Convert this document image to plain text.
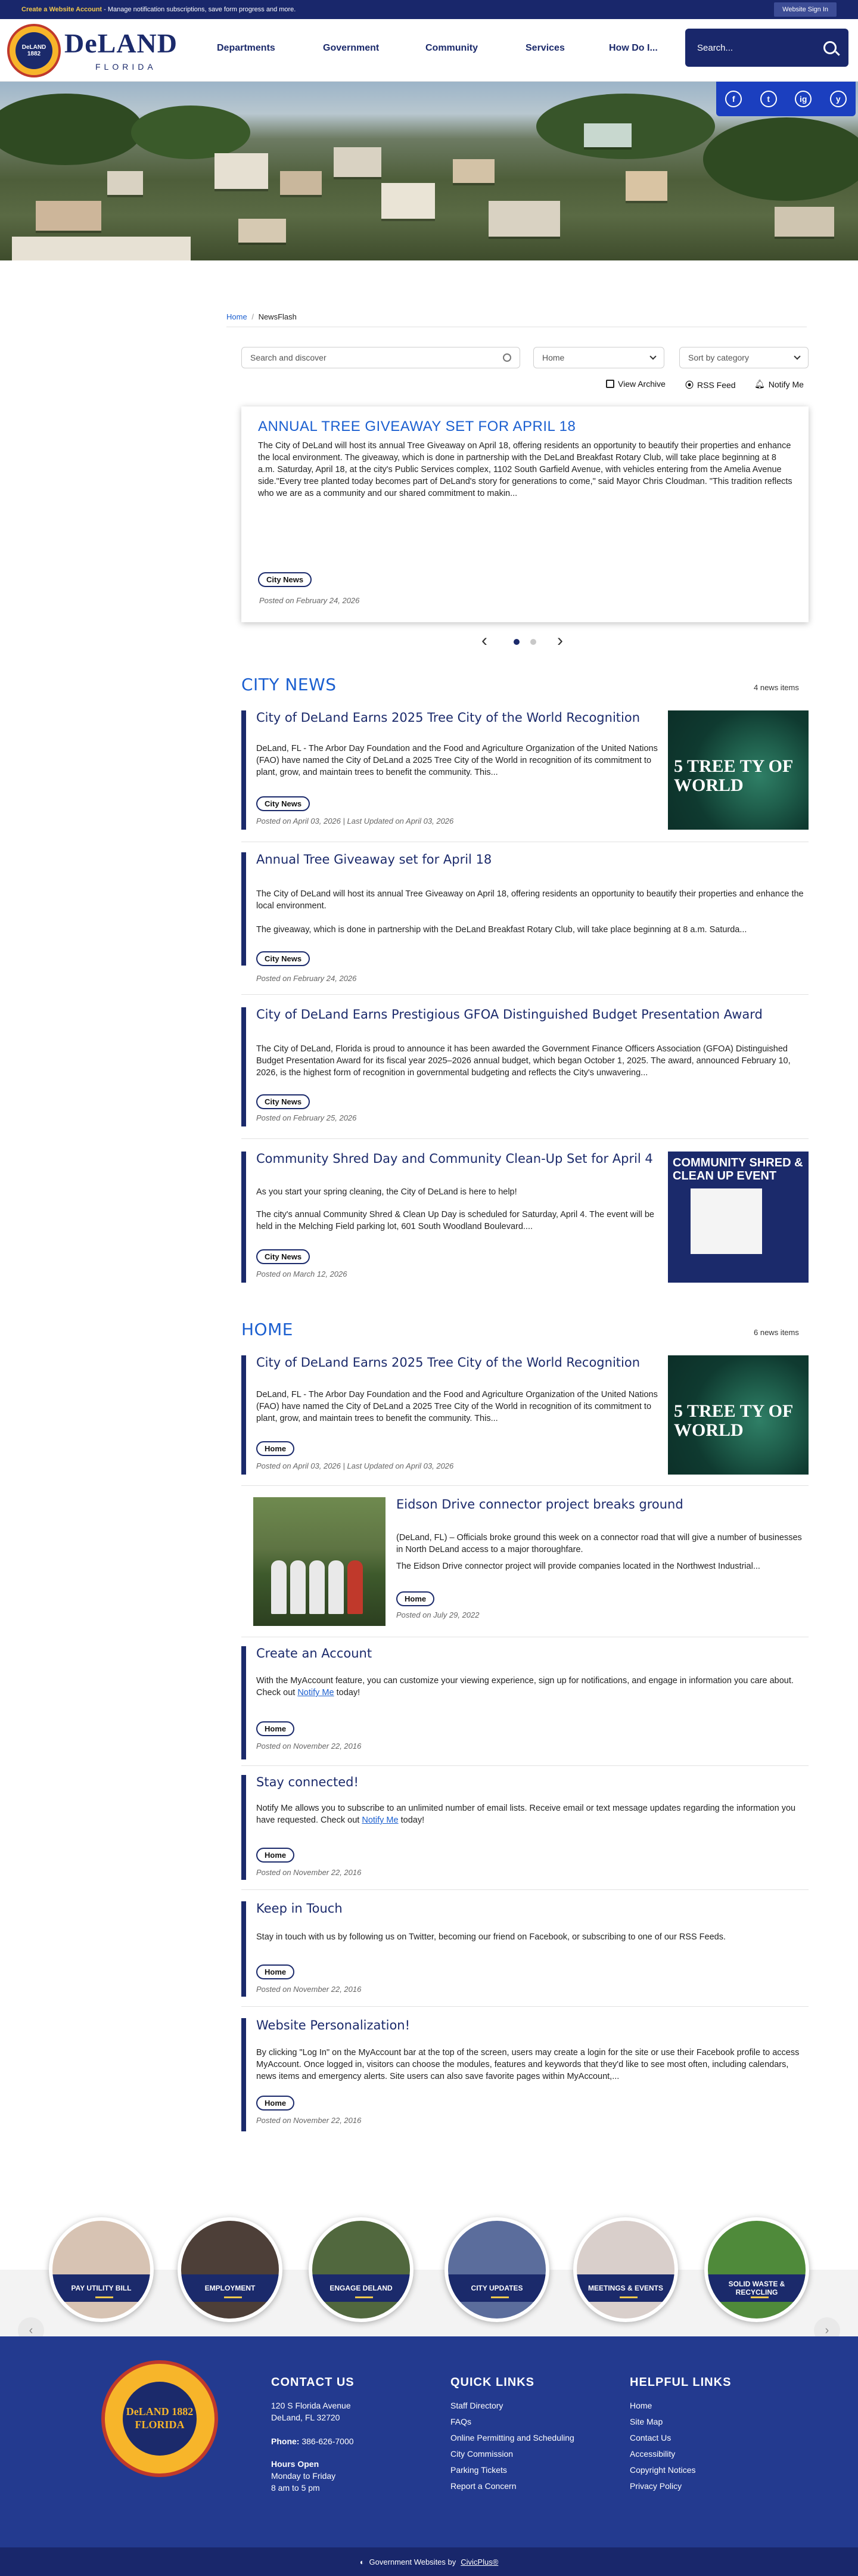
Create a Website Account - Manage notification subscriptions, save form progress and more.	Website Sign In
DeLAND 1882 DeLAND
FLORIDA
Departments	Government	Community	Services	How Do I...	Search...
f	t	ig	y
Home / NewsFlash
Search and discover	Home	Sort by category
View Archive ⦿ RSS Feed 🔔︎ Notify Me
ANNUAL TREE GIVEAWAY SET FOR APRIL 18

The City of DeLand will host its annual Tree Giveaway on April 18, offering residents an opportunity to beautify their properties and enhance the local environment. The giveaway, which is done in partnership with the DeLand Breakfast Rotary Club, will take place beginning at 8 a.m. Saturday, April 18, at the city's Public Services complex, 1102 South Garfield Avenue, with vehicles entering from the Amelia Avenue side."Every tree planted today becomes part of DeLand's story for generations to come," said Mayor Chris Cloudman. "This tradition reflects who we are as a community and our shared commitment to makin...

City News
Posted on February 24, 2026
‹	›
CITY NEWS	4 news items
City of DeLand Earns 2025 Tree City of the World Recognition
DeLand, FL - The Arbor Day Foundation and the Food and Agriculture Organization of the United Nations (FAO) have named the City of DeLand a 2025 Tree City of the World in recognition of its commitment to plant, grow, and maintain trees to benefit the community. This...
City News
Posted on April 03, 2026 | Last Updated on April 03, 2026
5 TREE TY OF WORLD
Annual Tree Giveaway set for April 18
The City of DeLand will host its annual Tree Giveaway on April 18, offering residents an opportunity to beautify their properties and enhance the local environment.
The giveaway, which is done in partnership with the DeLand Breakfast Rotary Club, will take place beginning at 8 a.m. Saturda...
City News
Posted on February 24, 2026
City of DeLand Earns Prestigious GFOA Distinguished Budget Presentation Award
The City of DeLand, Florida is proud to announce it has been awarded the Government Finance Officers Association (GFOA) Distinguished Budget Presentation Award for its fiscal year 2025–2026 annual budget, which began October 1, 2025. The award, announced February 10, 2026, is the highest form of recognition in governmental budgeting and reflects the City's unwavering...
City News
Posted on February 25, 2026
Community Shred Day and Community Clean-Up Set for April 4
As you start your spring cleaning, the City of DeLand is here to help!
The city's annual Community Shred & Clean Up Day is scheduled for Saturday, April 4. The event will be held in the Melching Field parking lot, 601 South Woodland Boulevard....
City News
Posted on March 12, 2026
COMMUNITY SHRED & CLEAN UP EVENT
HOME	6 news items
City of DeLand Earns 2025 Tree City of the World Recognition
DeLand, FL - The Arbor Day Foundation and the Food and Agriculture Organization of the United Nations (FAO) have named the City of DeLand a 2025 Tree City of the World in recognition of its commitment to plant, grow, and maintain trees to benefit the community. This...
Home
Posted on April 03, 2026 | Last Updated on April 03, 2026
5 TREE TY OF WORLD
Eidson Drive connector project breaks ground
(DeLand, FL) – Officials broke ground this week on a connector road that will give a number of businesses in North DeLand access to a major thoroughfare.
The Eidson Drive connector project will provide companies located in the Northwest Industrial...
Home
Posted on July 29, 2022
Create an Account
With the MyAccount feature, you can customize your viewing experience, sign up for notifications, and engage in information you care about. Check out Notify Me today!
Home
Posted on November 22, 2016
Stay connected!
Notify Me allows you to subscribe to an unlimited number of email lists. Receive email or text message updates regarding the information you have requested. Check out Notify Me today!
Home
Posted on November 22, 2016
Keep in Touch
Stay in touch with us by following us on Twitter, becoming our friend on Facebook, or subscribing to one of our RSS Feeds.
Home
Posted on November 22, 2016
Website Personalization!
By clicking "Log In" on the MyAccount bar at the top of the screen, users may create a login for the site or use their Facebook profile to access MyAccount. Once logged in, visitors can choose the modules, features and keywords that they'd like to see most often, including calendars, news items and emergency alerts. Site users can also save favorite pages within MyAccount,...
Home
Posted on November 22, 2016
PAY UTILITY BILL	EMPLOYMENT	ENGAGE DELAND	CITY UPDATES	MEETINGS & EVENTS
SOLID WASTE & RECYCLING
‹	›
DeLAND 1882 FLORIDA
CONTACT US
120 S Florida Avenue
DeLand, FL 32720
Phone: 386-626-7000
Hours Open
Monday to Friday
8 am to 5 pm
QUICK LINKS
Staff Directory
FAQs
Online Permitting and Scheduling
City Commission
Parking Tickets
Report a Concern
HELPFUL LINKS
Home
Site Map
Contact Us
Accessibility
Copyright Notices
Privacy Policy
◐ Government Websites by CivicPlus®
